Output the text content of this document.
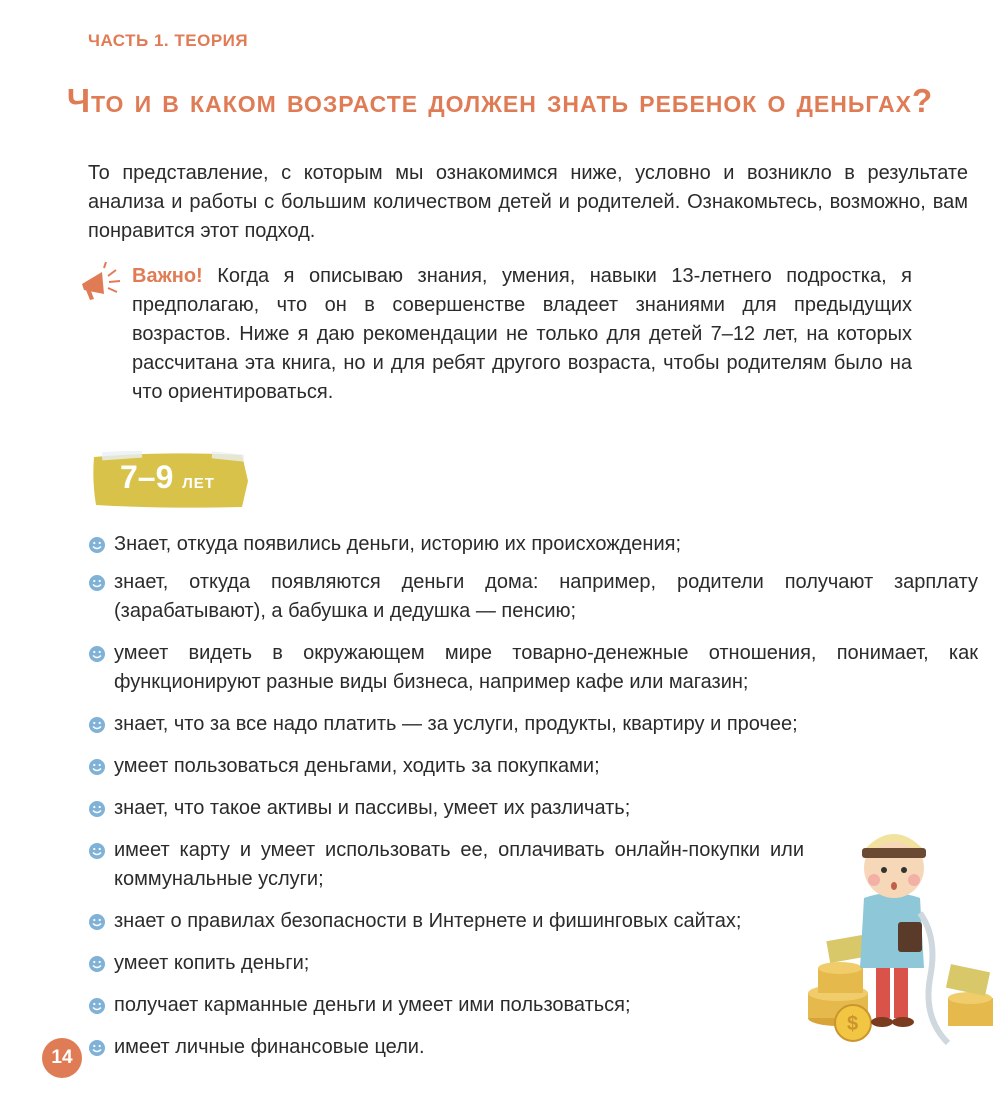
ЧАСТЬ 1. ТЕОРИЯ
Что и в каком возрасте должен знать ребенок о деньгах?

То представление, с которым мы ознакомимся ниже, условно и возникло в результате анализа и работы с большим количеством детей и родителей. Ознакомьтесь, возможно, вам понравится этот подход.

Важно! Когда я описываю знания, умения, навыки 13-летнего подростка, я предполагаю, что он в совершенстве владеет знаниями для предыдущих возрастов. Ниже я даю рекомендации не только для детей 7–12 лет, на которых рассчитана эта книга, но и для ребят другого возраста, чтобы родителям было на что ориентироваться.

7–9 лет
Знает, откуда появились деньги, историю их происхождения;
знает, откуда появляются деньги дома: например, родители получают зарплату (зарабатывают), а бабушка и дедушка — пенсию;
умеет видеть в окружающем мире товарно-денежные отношения, понимает, как функционируют разные виды бизнеса, например кафе или магазин;
знает, что за все надо платить — за услуги, продукты, квартиру и прочее;
умеет пользоваться деньгами, ходить за покупками;
знает, что такое активы и пассивы, умеет их различать;
имеет карту и умеет использовать ее, оплачивать онлайн-покупки или коммунальные услуги;
знает о правилах безопасности в Интернете и фишинговых сайтах;
умеет копить деньги;
получает карманные деньги и умеет ими пользоваться;
имеет личные финансовые цели.
$
14
